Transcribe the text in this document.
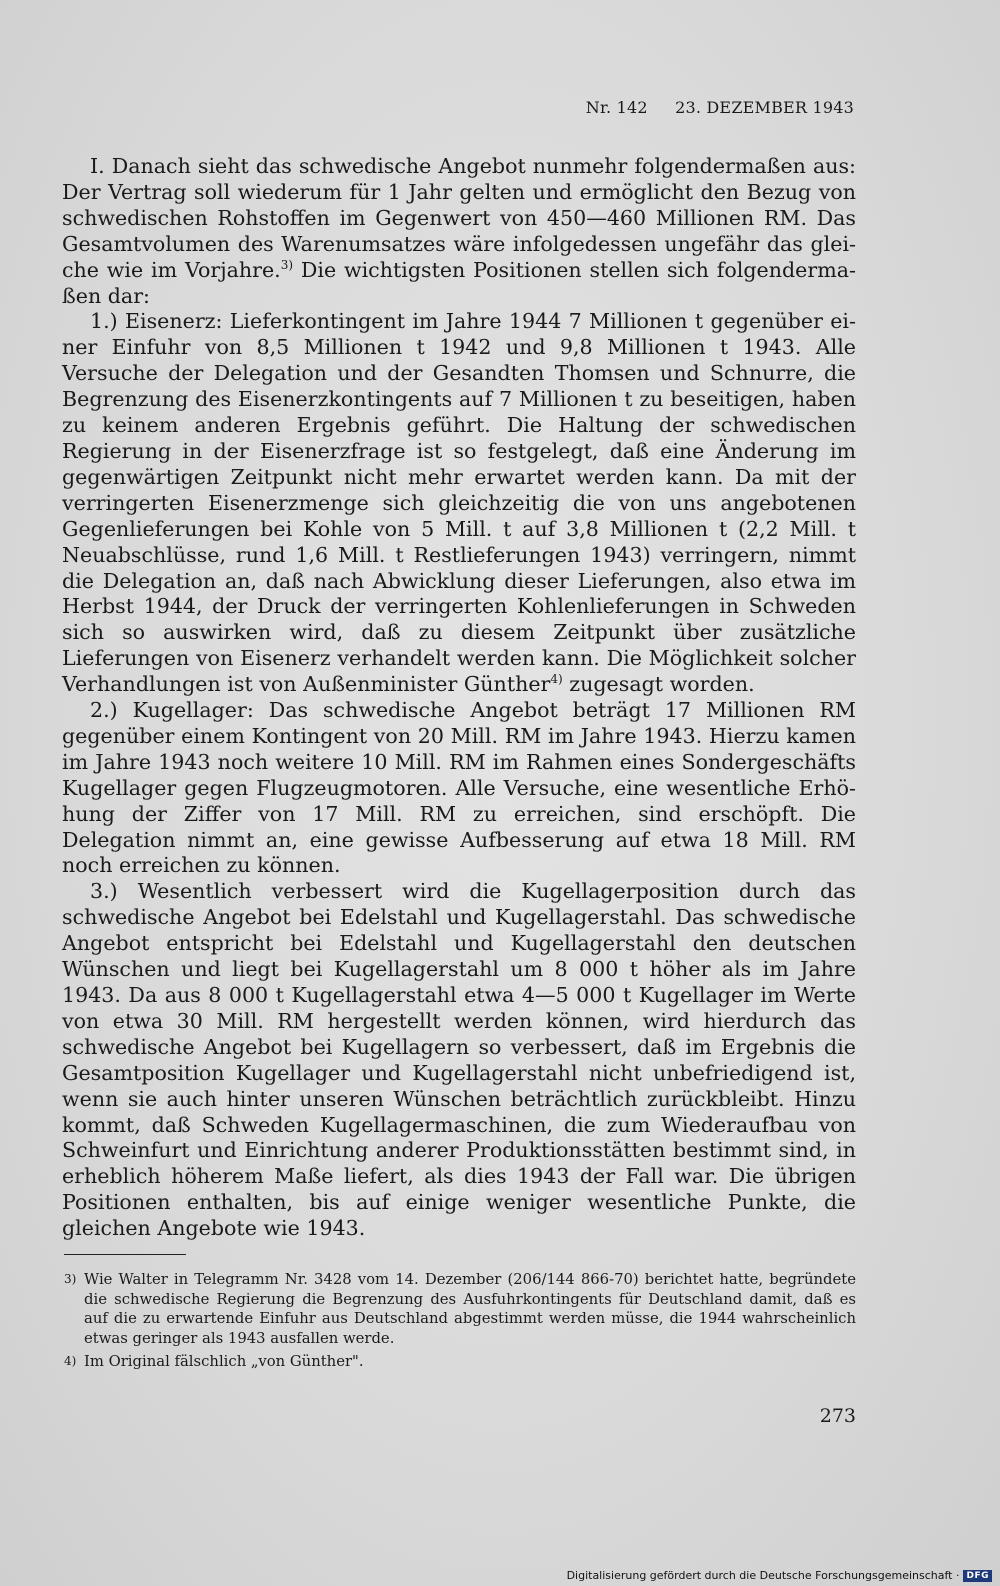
Nr. 142 23. DEZEMBER 1943

I. Danach sieht das schwedische Angebot nunmehr folgendermaßen aus: Der Vertrag soll wiederum für 1 Jahr gelten und ermöglicht den Bezug von schwedischen Rohstoffen im Gegenwert von 450—460 Millionen RM. Das Gesamtvolumen des Warenumsatzes wäre infolgedessen ungefähr das gleiche wie im Vorjahre.$^{3)}$ Die wichtigsten Positionen stellen sich folgendermaßen dar:

1.) Eisenerz: Lieferkontingent im Jahre 1944 7 Millionen t gegenüber einer Einfuhr von 8,5 Millionen t 1942 und 9,8 Millionen t 1943. Alle Versuche der Delegation und der Gesandten Thomsen und Schnurre, die Begrenzung des Eisenerzkontingents auf 7 Millionen t zu beseitigen, haben zu keinem anderen Ergebnis geführt. Die Haltung der schwedischen Regierung in der Eisenerzfrage ist so festgelegt, daß eine Änderung im gegenwärtigen Zeitpunkt nicht mehr erwartet werden kann. Da mit der verringerten Eisenerzmenge sich gleichzeitig die von uns angebotenen Gegenlieferungen bei Kohle von 5 Mill. t auf 3,8 Millionen t (2,2 Mill. t Neuabschlüsse, rund 1,6 Mill. t Restlieferungen 1943) verringern, nimmt die Delegation an, daß nach Abwicklung dieser Lieferungen, also etwa im Herbst 1944, der Druck der verringerten Kohlenlieferungen in Schweden sich so auswirken wird, daß zu diesem Zeitpunkt über zusätzliche Lieferungen von Eisenerz verhandelt werden kann. Die Möglichkeit solcher Verhandlungen ist von Außenminister Günther$^{4)}$ zugesagt worden.

2.) Kugellager: Das schwedische Angebot beträgt 17 Millionen RM gegenüber einem Kontingent von 20 Mill. RM im Jahre 1943. Hierzu kamen im Jahre 1943 noch weitere 10 Mill. RM im Rahmen eines Sondergeschäfts Kugellager gegen Flugzeugmotoren. Alle Versuche, eine wesentliche Erhöhung der Ziffer von 17 Mill. RM zu erreichen, sind erschöpft. Die Delegation nimmt an, eine gewisse Aufbesserung auf etwa 18 Mill. RM noch erreichen zu können.

3.) Wesentlich verbessert wird die Kugellagerposition durch das schwedische Angebot bei Edelstahl und Kugellagerstahl. Das schwedische Angebot entspricht bei Edelstahl und Kugellagerstahl den deutschen Wünschen und liegt bei Kugellagerstahl um 8 000 t höher als im Jahre 1943. Da aus 8 000 t Kugellagerstahl etwa 4—5 000 t Kugellager im Werte von etwa 30 Mill. RM hergestellt werden können, wird hierdurch das schwedische Angebot bei Kugellagern so verbessert, daß im Ergebnis die Gesamtposition Kugellager und Kugellagerstahl nicht unbefriedigend ist, wenn sie auch hinter unseren Wünschen beträchtlich zurückbleibt. Hinzu kommt, daß Schweden Kugellagermaschinen, die zum Wiederaufbau von Schweinfurt und Einrichtung anderer Produktionsstätten bestimmt sind, in erheblich höherem Maße liefert, als dies 1943 der Fall war. Die übrigen Positionen enthalten, bis auf einige weniger wesentliche Punkte, die gleichen Angebote wie 1943.

3) Wie Walter in Telegramm Nr. 3428 vom 14. Dezember (206/144 866-70) berichtet hatte, begründete die schwedische Regierung die Begrenzung des Ausfuhrkontingents für Deutschland damit, daß es auf die zu erwartende Einfuhr aus Deutschland abgestimmt werden müsse, die 1944 wahrscheinlich etwas geringer als 1943 ausfallen werde.

4) Im Original fälschlich „von Günther".

273
Digitalisierung gefördert durch die Deutsche Forschungsgemeinschaft · DFG
